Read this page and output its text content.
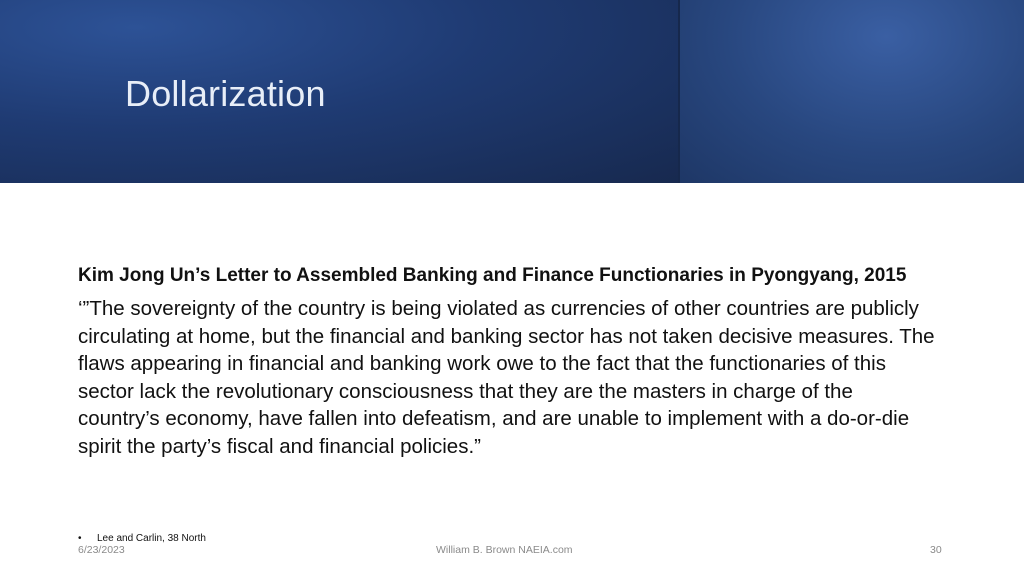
Dollarization

Kim Jong Un’s Letter to Assembled Banking and Finance Functionaries in Pyongyang, 2015

‘”The sovereignty of the country is being violated as currencies of other countries are publicly circulating at home, but the financial and banking sector has not taken decisive measures. The flaws appearing in financial and banking work owe to the fact that the functionaries of this sector lack the revolutionary consciousness that they are the masters in charge of the country’s economy, have fallen into defeatism, and are unable to implement with a do-or-die spirit the party’s fiscal and financial policies.”

•	Lee and Carlin, 38 North
6/23/2023	William B. Brown NAEIA.com	30
